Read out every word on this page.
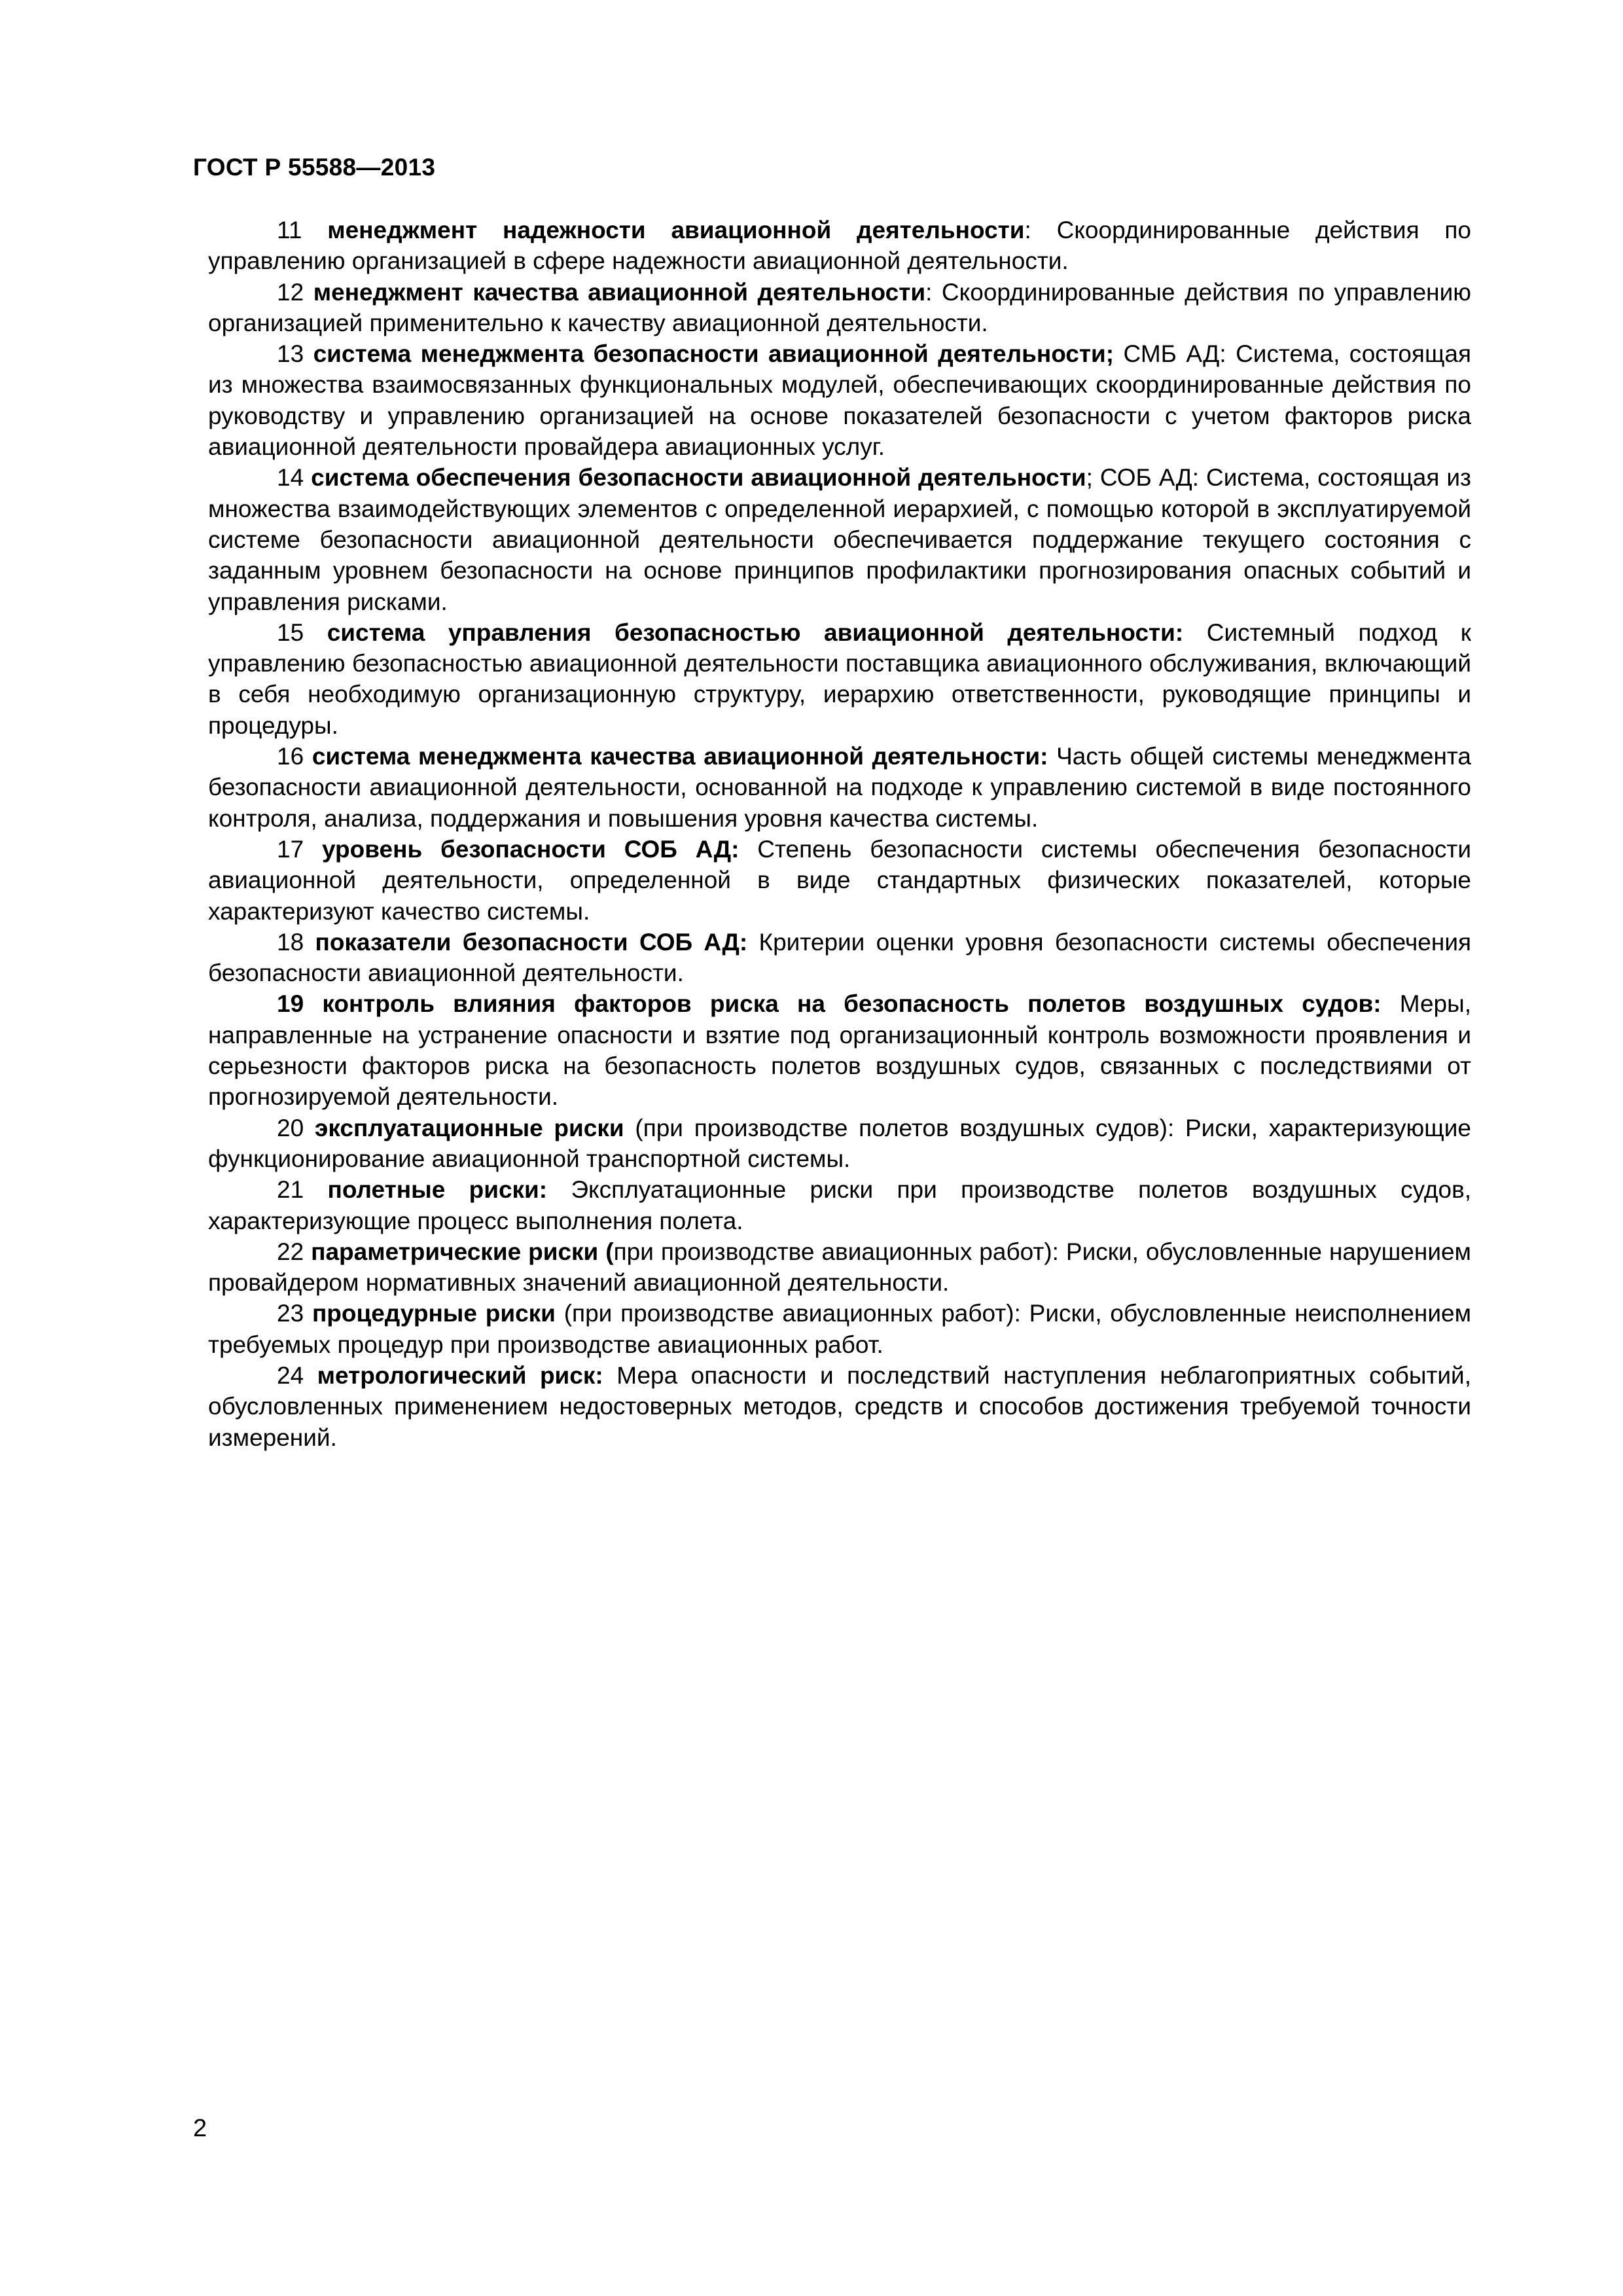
ГОСТ Р 55588—2013

11 менеджмент надежности авиационной деятельности: Скоординированные действия по управлению организацией в сфере надежности авиационной деятельности.

12 менеджмент качества авиационной деятельности: Скоординированные действия по управлению организацией применительно к качеству авиационной деятельности.

13 система менеджмента безопасности авиационной деятельности; СМБ АД: Система, состоящая из множества взаимосвязанных функциональных модулей, обеспечивающих скоординированные действия по руководству и управлению организацией на основе показателей безопасности с учетом факторов риска авиационной деятельности провайдера авиационных услуг.

14 система обеспечения безопасности авиационной деятельности; СОБ АД: Система, состоящая из множества взаимодействующих элементов с определенной иерархией, с помощью которой в эксплуатируемой системе безопасности авиационной деятельности обеспечивается поддержание текущего состояния с заданным уровнем безопасности на основе принципов профилактики прогнозирования опасных событий и управления рисками.

15 система управления безопасностью авиационной деятельности: Системный подход к управлению безопасностью авиационной деятельности поставщика авиационного обслуживания, включающий в себя необходимую организационную структуру, иерархию ответственности, руководящие принципы и процедуры.

16 система менеджмента качества авиационной деятельности: Часть общей системы менеджмента безопасности авиационной деятельности, основанной на подходе к управлению системой в виде постоянного контроля, анализа, поддержания и повышения уровня качества системы.

17 уровень безопасности СОБ АД: Степень безопасности системы обеспечения безопасности авиационной деятельности, определенной в виде стандартных физических показателей, которые характеризуют качество системы.

18 показатели безопасности СОБ АД: Критерии оценки уровня безопасности системы обеспечения безопасности авиационной деятельности.

19 контроль влияния факторов риска на безопасность полетов воздушных судов: Меры, направленные на устранение опасности и взятие под организационный контроль возможности проявления и серьезности факторов риска на безопасность полетов воздушных судов, связанных с последствиями от прогнозируемой деятельности.

20 эксплуатационные риски (при производстве полетов воздушных судов): Риски, характеризующие функционирование авиационной транспортной системы.

21 полетные риски: Эксплуатационные риски при производстве полетов воздушных судов, характеризующие процесс выполнения полета.

22 параметрические риски (при производстве авиационных работ): Риски, обусловленные нарушением провайдером нормативных значений авиационной деятельности.

23 процедурные риски (при производстве авиационных работ): Риски, обусловленные неисполнением требуемых процедур при производстве авиационных работ.

24 метрологический риск: Мера опасности и последствий наступления неблагоприятных событий, обусловленных применением недостоверных методов, средств и способов достижения требуемой точности измерений.

2
